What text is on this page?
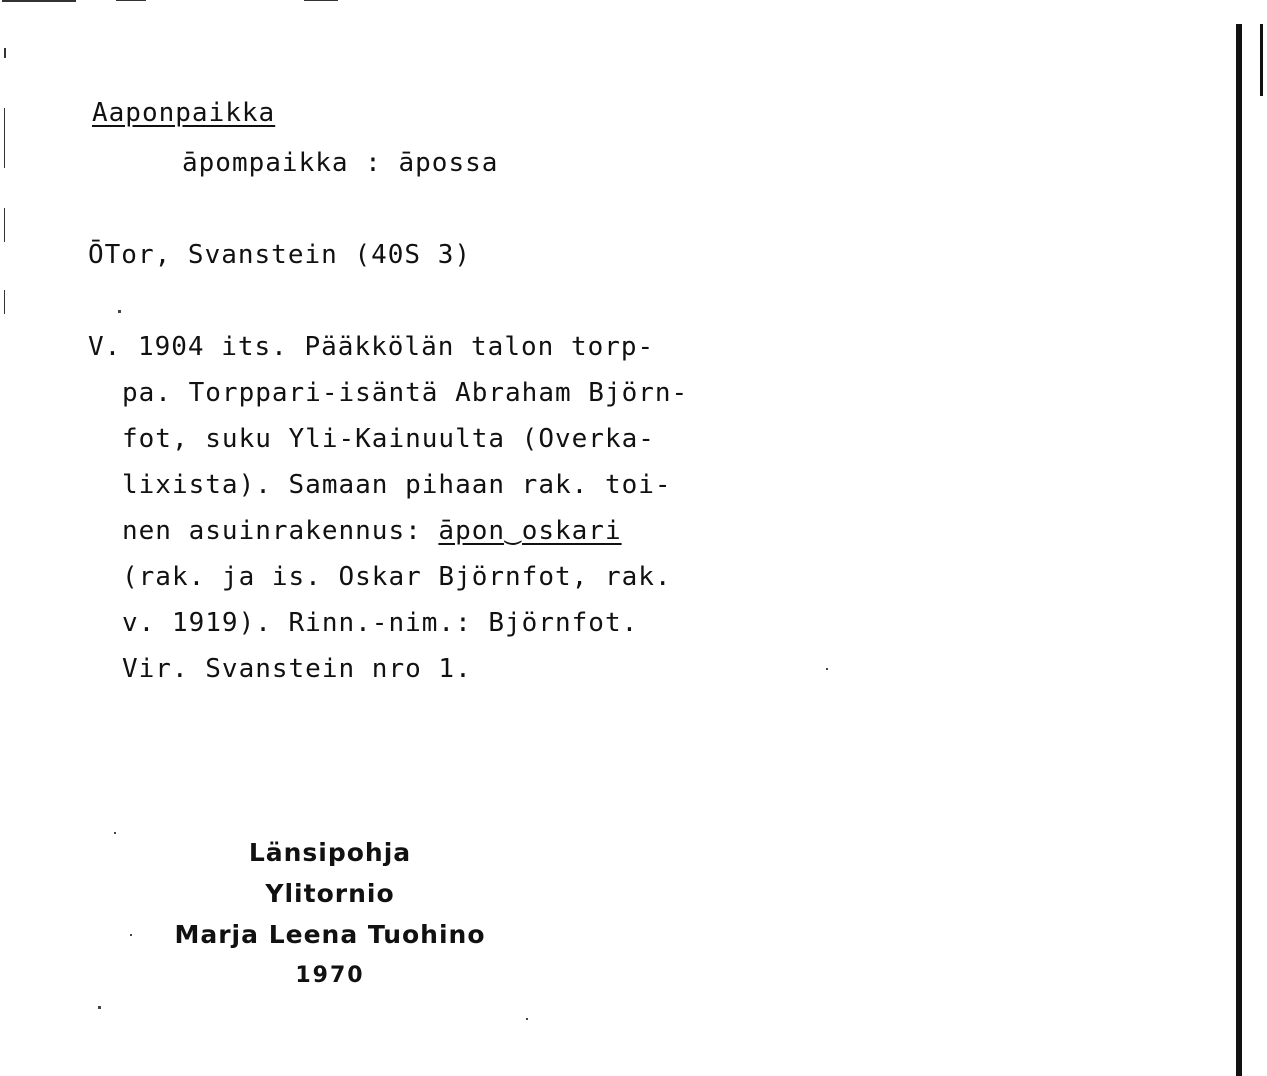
Aaponpaikka
āpompaikka : āpossa
ŌTor, Svanstein (40S 3)
V. 1904 its. Pääkkölän talon torp-
pa. Torppari-isäntä Abraham Björn-
fot, suku Yli-Kainuulta (Overka-
lixista). Samaan pihaan rak. toi-
nen asuinrakennus: āpon‿oskari
(rak. ja is. Oskar Björnfot, rak.
v. 1919). Rinn.-nim.: Björnfot.
Vir. Svanstein nro 1.
Länsipohja
Ylitornio
Marja Leena Tuohino
1970
